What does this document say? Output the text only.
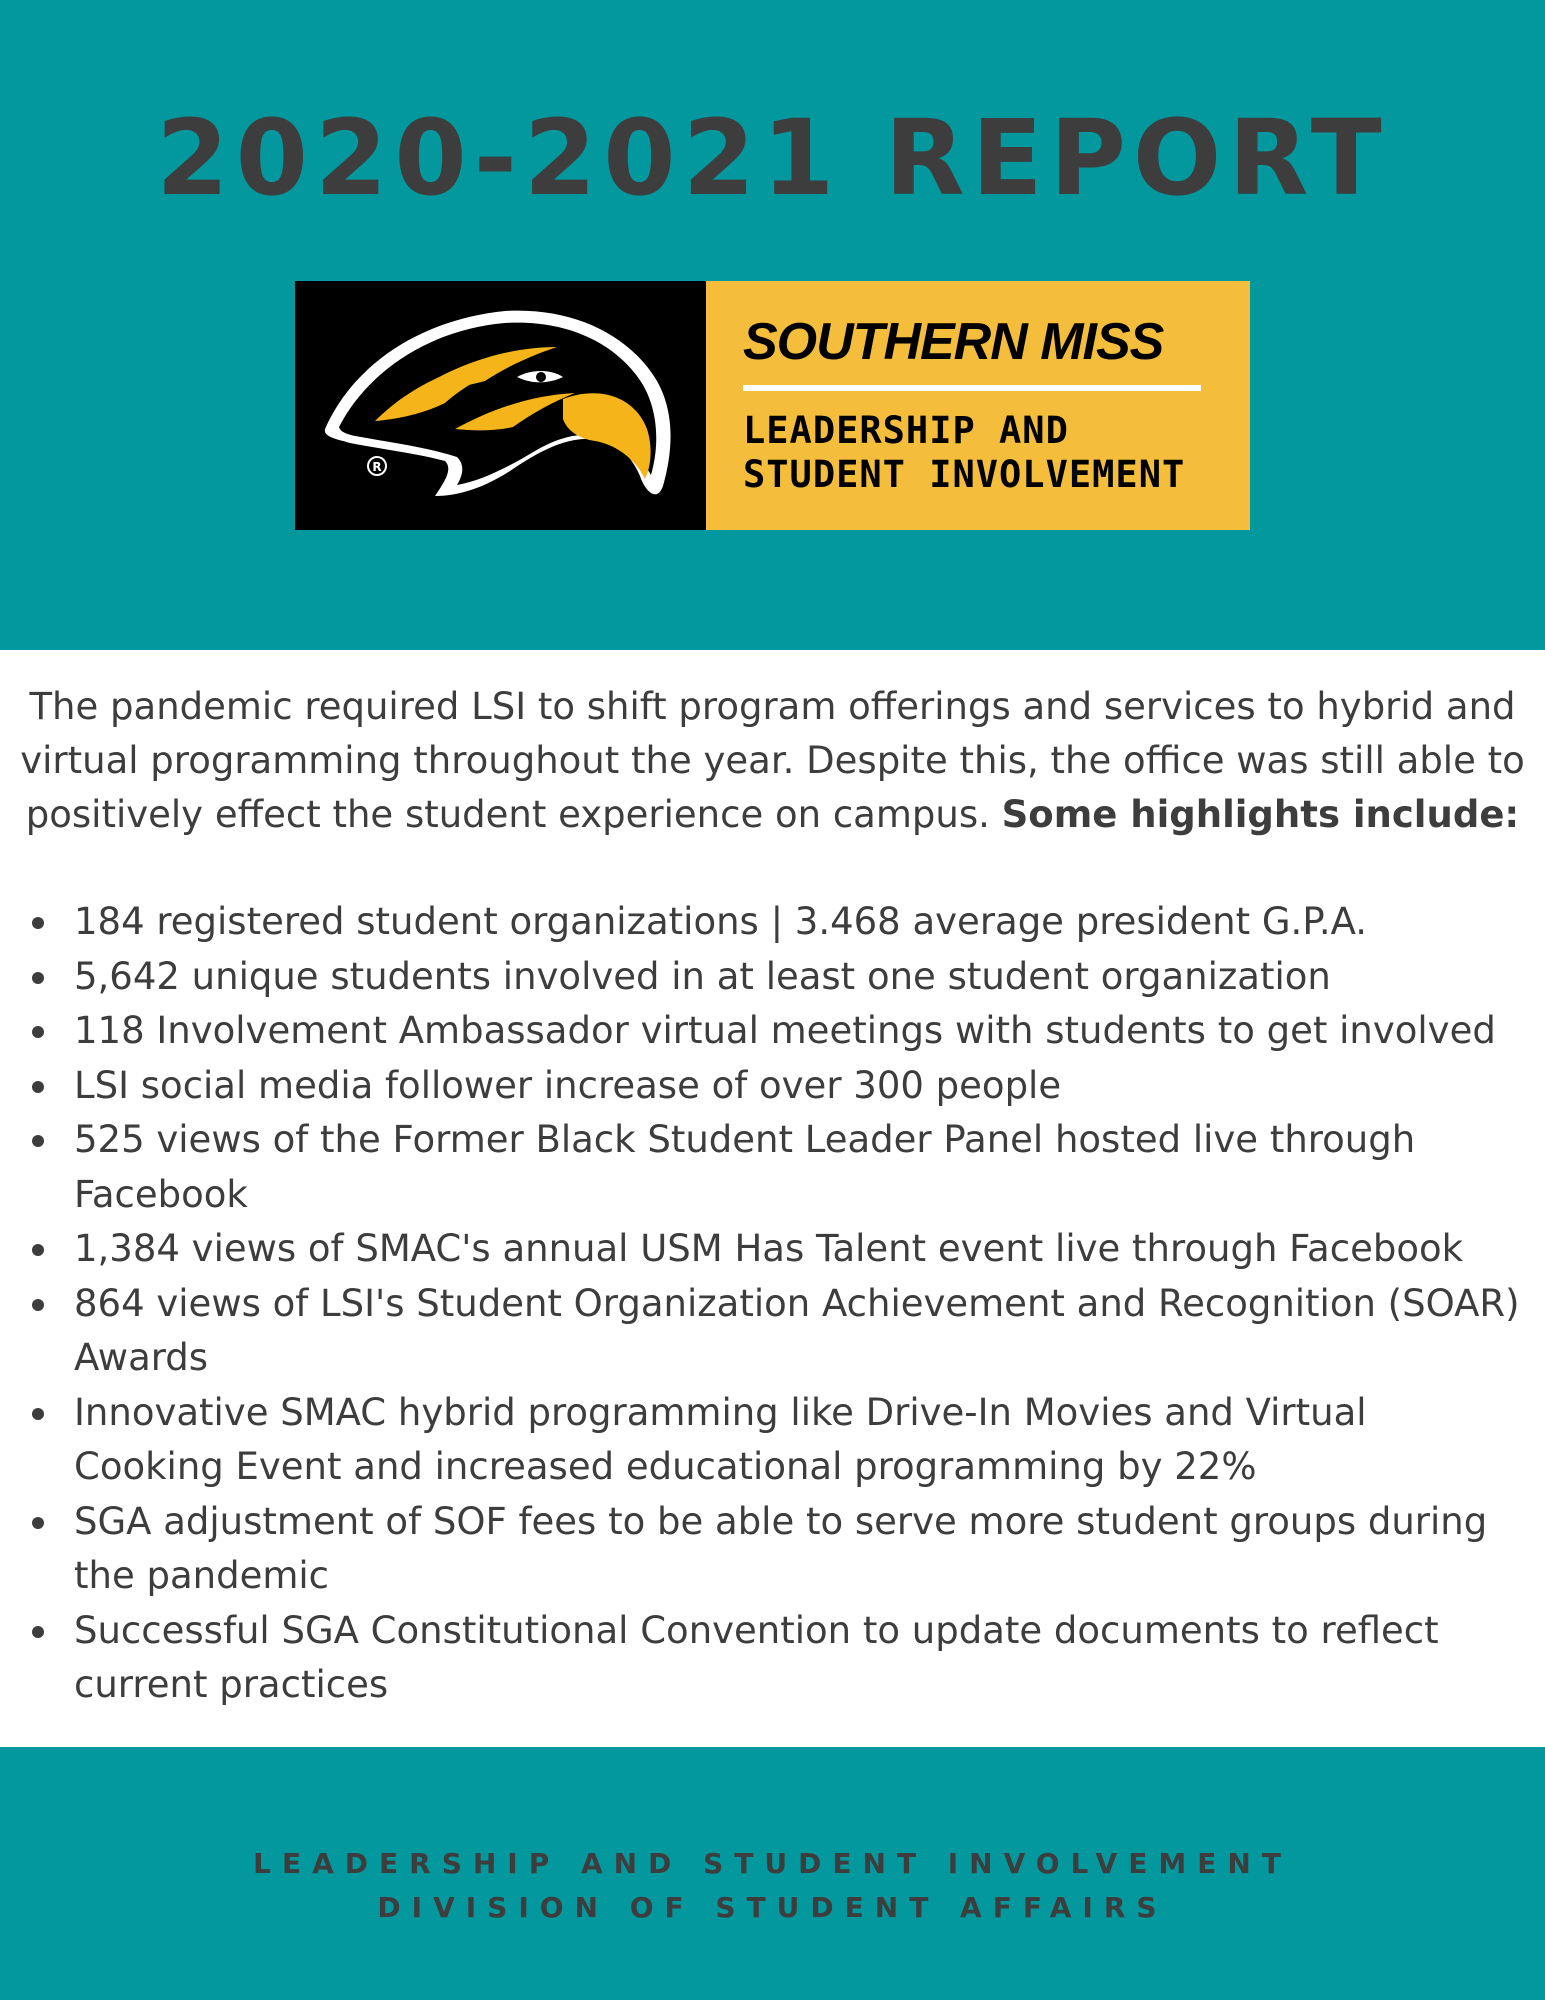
2020-2021 REPORT
R
SOUTHERN MISS
LEADERSHIP AND
STUDENT INVOLVEMENT
The pandemic required LSI to shift program offerings and services to hybrid and virtual programming throughout the year. Despite this, the office was still able to positively effect the student experience on campus. Some highlights include:
184 registered student organizations | 3.468 average president G.P.A.
5,642 unique students involved in at least one student organization
118 Involvement Ambassador virtual meetings with students to get involved
LSI social media follower increase of over 300 people
525 views of the Former Black Student Leader Panel hosted live through Facebook
1,384 views of SMAC's annual USM Has Talent event live through Facebook
864 views of LSI's Student Organization Achievement and Recognition (SOAR) Awards
Innovative SMAC hybrid programming like Drive-In Movies and Virtual Cooking Event and increased educational programming by 22%
SGA adjustment of SOF fees to be able to serve more student groups during the pandemic
Successful SGA Constitutional Convention to update documents to reflect current practices
LEADERSHIP AND STUDENT INVOLVEMENT
DIVISION OF STUDENT AFFAIRS
